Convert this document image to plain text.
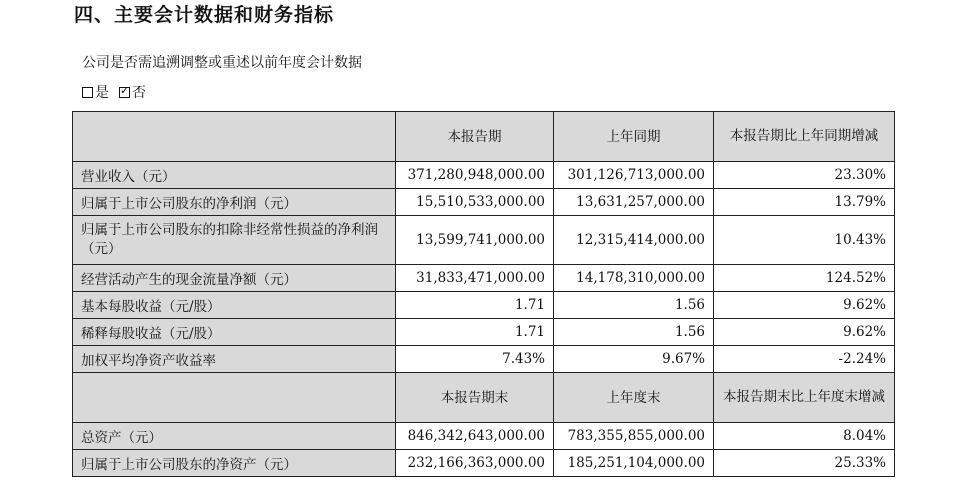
四、主要会计数据和财务指标
公司是否需追溯调整或重述以前年度会计数据
是 ✓ 否
	本报告期	上年同期	本报告期比上年同期增减
营业收入（元）	371,280,948,000.00	301,126,713,000.00	23.30%
归属于上市公司股东的净利润（元）	15,510,533,000.00	13,631,257,000.00	13.79%
归属于上市公司股东的扣除非经常性损益的净利润（元）	13,599,741,000.00	12,315,414,000.00	10.43%
经营活动产生的现金流量净额（元）	31,833,471,000.00	14,178,310,000.00	124.52%
基本每股收益（元/股）	1.71	1.56	9.62%
稀释每股收益（元/股）	1.71	1.56	9.62%
加权平均净资产收益率	7.43%	9.67%	-2.24%
	本报告期末	上年度末	本报告期末比上年度末增减
总资产（元）	846,342,643,000.00	783,355,855,000.00	8.04%
归属于上市公司股东的净资产（元）	232,166,363,000.00	185,251,104,000.00	25.33%
